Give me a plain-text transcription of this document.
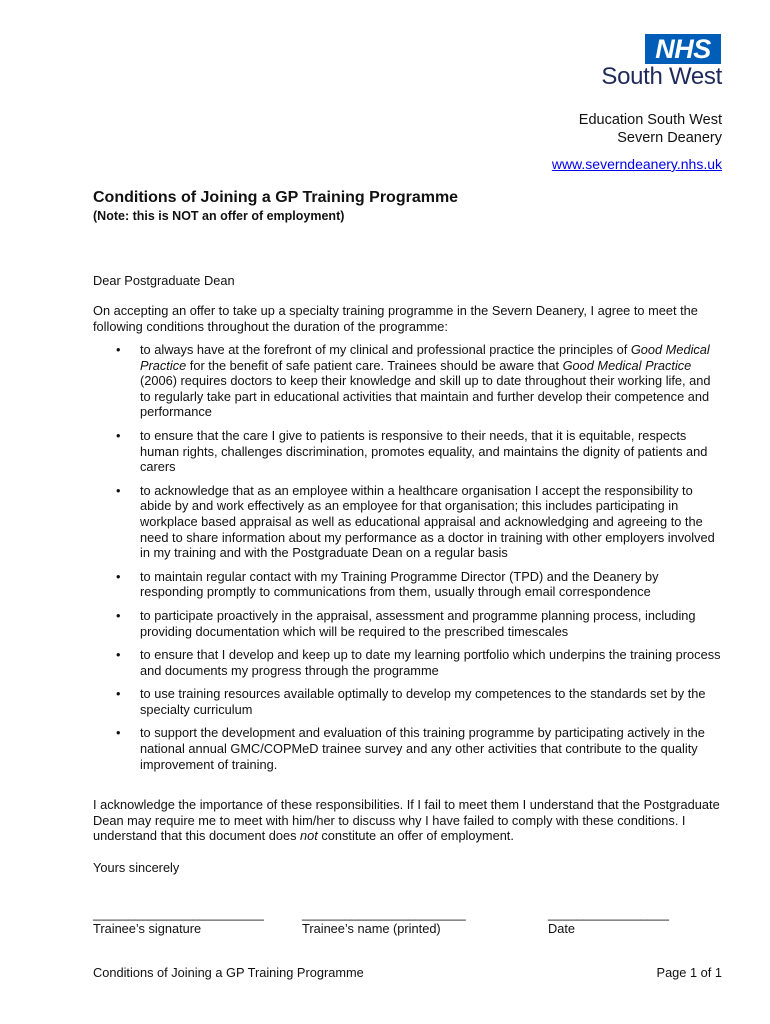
NHS
South West
Education South West
Severn Deanery
www.severndeanery.nhs.uk
Conditions of Joining a GP Training Programme
(Note: this is NOT an offer of employment)
Dear Postgraduate Dean
On accepting an offer to take up a specialty training programme in the Severn Deanery, I agree to meet the following conditions throughout the duration of the programme:
• to always have at the forefront of my clinical and professional practice the principles of Good Medical Practice for the benefit of safe patient care. Trainees should be aware that Good Medical Practice (2006) requires doctors to keep their knowledge and skill up to date throughout their working life, and to regularly take part in educational activities that maintain and further develop their competence and performance
• to ensure that the care I give to patients is responsive to their needs, that it is equitable, respects human rights, challenges discrimination, promotes equality, and maintains the dignity of patients and carers
• to acknowledge that as an employee within a healthcare organisation I accept the responsibility to abide by and work effectively as an employee for that organisation; this includes participating in workplace based appraisal as well as educational appraisal and acknowledging and agreeing to the need to share information about my performance as a doctor in training with other employers involved in my training and with the Postgraduate Dean on a regular basis
• to maintain regular contact with my Training Programme Director (TPD) and the Deanery by responding promptly to communications from them, usually through email correspondence
• to participate proactively in the appraisal, assessment and programme planning process, including providing documentation which will be required to the prescribed timescales
• to ensure that I develop and keep up to date my learning portfolio which underpins the training process and documents my progress through the programme
• to use training resources available optimally to develop my competences to the standards set by the specialty curriculum
• to support the development and evaluation of this training programme by participating actively in the national annual GMC/COPMeD trainee survey and any other activities that contribute to the quality improvement of training.
I acknowledge the importance of these responsibilities. If I fail to meet them I understand that the Postgraduate Dean may require me to meet with him/her to discuss why I have failed to comply with these conditions. I understand that this document does not constitute an offer of employment.
Yours sincerely
________________________	_______________________	_________________
Trainee’s signature	Trainee’s name (printed)	Date
Conditions of Joining a GP Training Programme	Page 1 of 1
